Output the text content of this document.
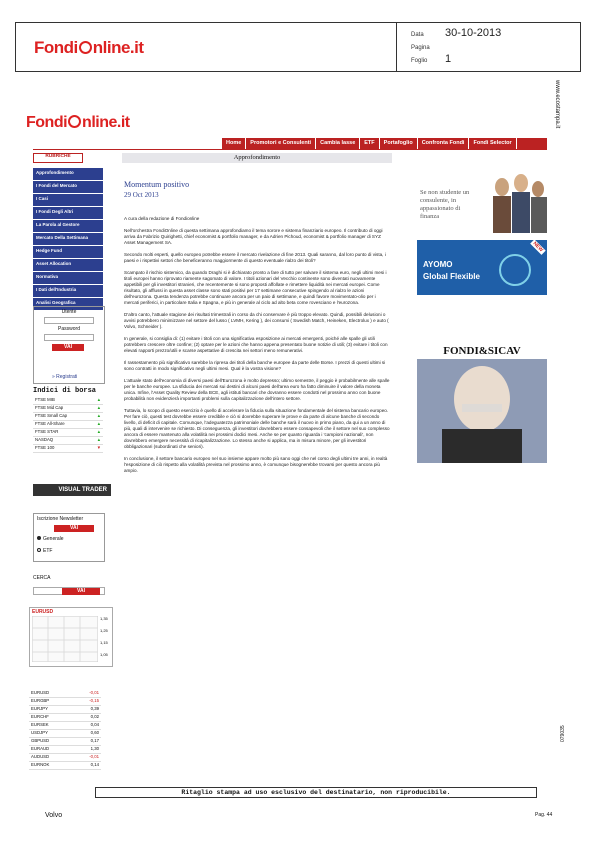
Fondi nline.it
Data 30-10-2013
Pagina
Foglio 1
www.ecostampa.it
Fondi nline.it
Home	Promotori e Consulenti	Cambia lasse	ETF	Portafoglio	Confronta Fondi	Fondi Selector
RUBRICHE	Approfondimento
Approfondimento
I Fondi del Mercato
I Casi
I Fondi Degli Altri
La Parola al Gestore
Mercato Della Settimana
Hedge Fund
Asset Allocation
Normativa
I Dati dell'Industria
Analisi Geografica
Utente
Password
VAI
» Registrati
Indici di borsa
FTSE MIB	▲
FTSE Mid Cap	▲
FTSE Small Cap	▲
FTSE All-Share	▲
FTSE STAR	▲
NASDAQ	▲
FTSE 100	▼
VISUAL TRADER
Iscrizione Newsletter
VAI
Generale
ETF
CERCA
VAI
EURUSD
1,35
1,25
1,15
1,05
EURUSD	-0,01
EURGBP	-0,15
EURJPY	0,39
EURCHF	0,02
EURSEK	0,04
USDJPY	0,60
GBPUSD	0,17
EURAUD	1,30
AUDUSD	-0,01
EURNOK	0,14
Momentum positivo
29 Oct 2013

A cura della redazione di Fondionline

Nell'orchestra FondiOnline di questa settimana approfondiamo il tema sorore e sistema finanziario europeo. Il contributo di oggi arriva da Fabrizio Quirighetti, chief economist & portfolio manager, e da Adrien Pichoud, economist & portfolio manager di SYZ Asset Management SA.

Secondo molti esperti, quello europeo potrebbe essere il mercato rivelazione di fine 2013. Quali saranno, dal loro punto di vista, i paesi e i rispettivi settori che beneficeranno maggiormente di questo eventuale rialzo dei titoli?

Scampato il rischio sistemico, da quando Draghi si è dichiarato pronto a fare di tutto per salvare il sistema euro, negli ultimi mesi i titoli europei hanno riprovato riamente sagomato di valore. I titoli azionari del Vecchio continente sono diventati nuovamente appetibili per gli investitori stranieri, che recentemente si sono proposti affollate e rimettere liquidità nei mercati europei. Come risultato, gli afflussi in questa asset classe sono stati positivi per 17 settimane consecutive spingendo al rialzo le azioni dell'eurozona. Questa tendenza potrebbe continuare ancora per un paio di settimane, e quindi favore movimentato-olio per i mercati periferici, in particolare Italia e Spagna, e più in generale al ciclo ad alto beta come rovesciano e l'eurozona.

D'altro canto, l'attuale stagione dei risultati trimestrali in corso da chi conservare è più troppo elevato. Quindi, possibili delusioni o avvisi potrebbero minimizzare nel settore del lusso ( LVMH, Kering ), dei consumi ( Swedish Match, Heineken, Electrolux ) e auto ( Volvo, Schneider ).

In generale, si consiglia di: (1) evitare i titoli con una significativa esposizione ai mercati emergenti, poiché alle spalle gli utili potrebbero crescere oltre confine; (2) optare per le azioni che hanno appena presentato buone notizie di utili; (3) evitare i titoli con elevati rapporti prezzo/utili e scarse aspettative di crescita nei settori meno remunerativi.

Il rassestamento più significativo sarebbe la ripresa dei titoli della banche europee da parte delle Borse. I prezzi di questi ultimi si sono contratti in modo significativo negli ultimi mesi. Qual è la vostra visione?

L'attuale stato dell'economia di diversi paesi dell'Eurozona è molto depresso; ultimo semestre, il peggio è probabilmente alle spalle per le banche europee. La sfiducia dei mercati sui destini di alcuni paesi dell'area euro ha fatto diminuire il valore della moneta unica. Infine, l'Asset Quality Review della BCE, agli istituti bancari che dovranno essere condotti nel prossimo anno con buone probabilità non evidenzierà importanti problemi sulla capitalizzazione dell'intero settore.

Tuttavia, lo scopo di questo esercizio è quello di accelerare la fiducia sulla situazione fondamentale del sistema bancario europeo. Per fare ciò, questi test dovrebbe essere credibile e ciò si dovrebbe superare le prove e da parte di alcune banche di secondo livello, di deficit di capitale. Comunque, l'adeguatezza patrimoniale delle banche sarà il nuovo in primo piano, da qui a un anno di più, quali di intervenire se richiesto. Di conseguenza, gli investitori dovrebbero essere consapevoli che il settore nel suo complesso ancora di essere mantenuto alla volatilità nei prossimi dodici mesi. Anche se per quanto riguarda i 'campioni nazionali', non dovrebbero emergere necessità di ricapitalizzazione. Lo stesso anche si applica, ma in misura minore, per gli investitori obbligazionari (subordinati che seniori).

In conclusione, il settore bancario europeo nel suo insieme appare molto più sano oggi che nel corso degli ultimi tre anni, in realtà l'esposizione di ciò rispetto alla volatilità prevista nel prossimo anno, è comunque bisognerebbe trovarsi per questo ancora più ampio.

Se non studente un consulente, in appassionato di finanza
AYOMO
Global Flexible
NEW
FONDI&SICAV
Ritaglio stampa ad uso esclusivo del destinatario, non riproducibile.
Volvo	Pag. 44
079035
